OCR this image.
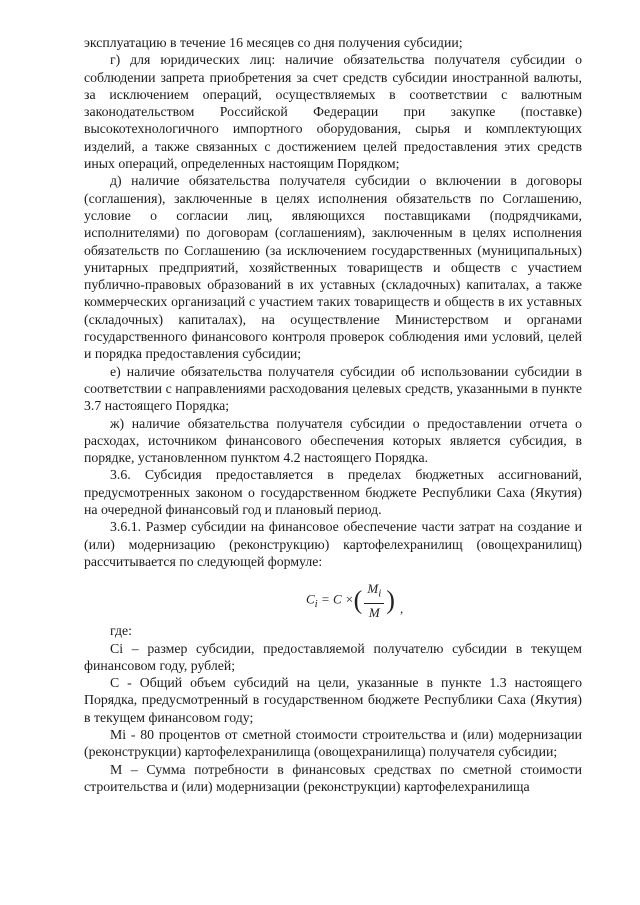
эксплуатацию в течение 16 месяцев со дня получения субсидии;

г) для юридических лиц: наличие обязательства получателя субсидии о соблюдении запрета приобретения за счет средств субсидии иностранной валюты, за исключением операций, осуществляемых в соответствии с валютным законодательством Российской Федерации при закупке (поставке) высокотехнологичного импортного оборудования, сырья и комплектующих изделий, а также связанных с достижением целей предоставления этих средств иных операций, определенных настоящим Порядком;

д) наличие обязательства получателя субсидии о включении в договоры (соглашения), заключенные в целях исполнения обязательств по Соглашению, условие о согласии лиц, являющихся поставщиками (подрядчиками, исполнителями) по договорам (соглашениям), заключенным в целях исполнения обязательств по Соглашению (за исключением государственных (муниципальных) унитарных предприятий, хозяйственных товариществ и обществ с участием публично-правовых образований в их уставных (складочных) капиталах, а также коммерческих организаций с участием таких товариществ и обществ в их уставных (складочных) капиталах), на осуществление Министерством и органами государственного финансового контроля проверок соблюдения ими условий, целей и порядка предоставления субсидии;

е) наличие обязательства получателя субсидии об использовании субсидии в соответствии с направлениями расходования целевых средств, указанными в пункте 3.7 настоящего Порядка;

ж) наличие обязательства получателя субсидии о предоставлении отчета о расходах, источником финансового обеспечения которых является субсидия, в порядке, установленном пунктом 4.2 настоящего Порядка.

3.6. Субсидия предоставляется в пределах бюджетных ассигнований, предусмотренных законом о государственном бюджете Республики Саха (Якутия) на очередной финансовый год и плановый период.

3.6.1. Размер субсидии на финансовое обеспечение части затрат на создание и (или) модернизацию (реконструкцию) картофелехранилищ (овощехранилищ) рассчитывается по следующей формуле:

$C_i = C$ ×( $\frac{M_i}{M}$ ) ,

где:

Ci – размер субсидии, предоставляемой получателю субсидии в текущем финансовом году, рублей;

С - Общий объем субсидий на цели, указанные в пункте 1.3 настоящего Порядка, предусмотренный в государственном бюджете Республики Саха (Якутия) в текущем финансовом году;

Mi - 80 процентов от сметной стоимости строительства и (или) модернизации (реконструкции) картофелехранилища (овощехранилища) получателя субсидии;

М – Сумма потребности в финансовых средствах по сметной стоимости строительства и (или) модернизации (реконструкции) картофелехранилища
